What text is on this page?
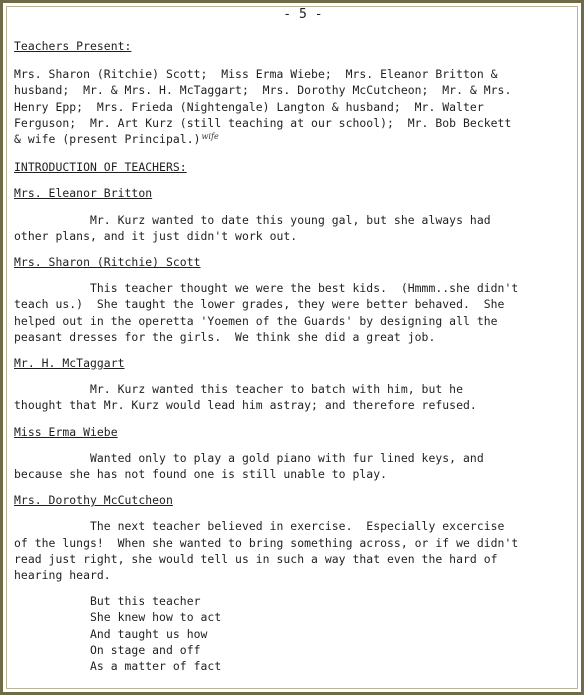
- 5 -
Teachers Present:
Mrs. Sharon (Ritchie) Scott;  Miss Erma Wiebe;  Mrs. Eleanor Britton &
husband;  Mr. & Mrs. H. McTaggart;  Mrs. Dorothy McCutcheon;  Mr. & Mrs.
Henry Epp;  Mrs. Frieda (Nightengale) Langton & husband;  Mr. Walter
Ferguson;  Mr. Art Kurz (still teaching at our school);  Mr. Bob Beckett
& wife (present Principal.)$^{wife}$
INTRODUCTION OF TEACHERS:
Mrs. Eleanor Britton
Mr. Kurz wanted to date this young gal, but she always had
other plans, and it just didn't work out.
Mrs. Sharon (Ritchie) Scott
This teacher thought we were the best kids.  (Hmmm..she didn't
teach us.)  She taught the lower grades, they were better behaved.  She
helped out in the operetta 'Yoemen of the Guards' by designing all the
peasant dresses for the girls.  We think she did a great job.
Mr. H. McTaggart
Mr. Kurz wanted this teacher to batch with him, but he
thought that Mr. Kurz would lead him astray; and therefore refused.
Miss Erma Wiebe
Wanted only to play a gold piano with fur lined keys, and
because she has not found one is still unable to play.
Mrs. Dorothy McCutcheon
The next teacher believed in exercise.  Especially excercise
of the lungs!  When she wanted to bring something across, or if we didn't
read just right, she would tell us in such a way that even the hard of
hearing heard.
But this teacher
She knew how to act
And taught us how
On stage and off
As a matter of fact
